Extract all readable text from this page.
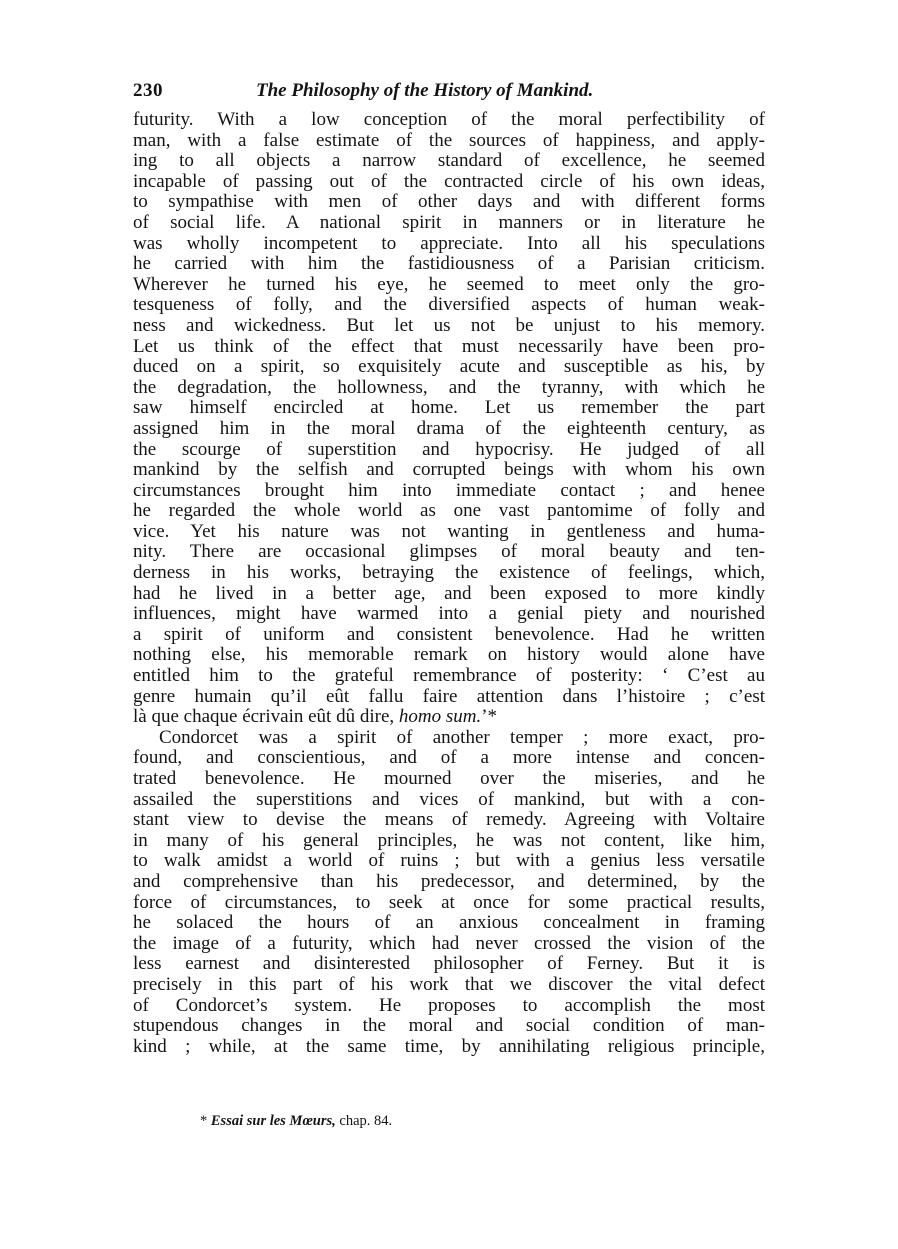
230	The Philosophy of the History of Mankind.
futurity. With a low conception of the moral perfectibility of
man, with a false estimate of the sources of happiness, and apply-
ing to all objects a narrow standard of excellence, he seemed
incapable of passing out of the contracted circle of his own ideas,
to sympathise with men of other days and with different forms
of social life. A national spirit in manners or in literature he
was wholly incompetent to appreciate. Into all his speculations
he carried with him the fastidiousness of a Parisian criticism.
Wherever he turned his eye, he seemed to meet only the gro-
tesqueness of folly, and the diversified aspects of human weak-
ness and wickedness. But let us not be unjust to his memory.
Let us think of the effect that must necessarily have been pro-
duced on a spirit, so exquisitely acute and susceptible as his, by
the degradation, the hollowness, and the tyranny, with which he
saw himself encircled at home. Let us remember the part
assigned him in the moral drama of the eighteenth century, as
the scourge of superstition and hypocrisy. He judged of all
mankind by the selfish and corrupted beings with whom his own
circumstances brought him into immediate contact ; and henee
he regarded the whole world as one vast pantomime of folly and
vice. Yet his nature was not wanting in gentleness and huma-
nity. There are occasional glimpses of moral beauty and ten-
derness in his works, betraying the existence of feelings, which,
had he lived in a better age, and been exposed to more kindly
influences, might have warmed into a genial piety and nourished
a spirit of uniform and consistent benevolence. Had he written
nothing else, his memorable remark on history would alone have
entitled him to the grateful remembrance of posterity: ‘ C’est au
genre humain qu’il eût fallu faire attention dans l’histoire ; c’est
là que chaque écrivain eût dû dire, homo sum.’*
Condorcet was a spirit of another temper ; more exact, pro-
found, and conscientious, and of a more intense and concen-
trated benevolence. He mourned over the miseries, and he
assailed the superstitions and vices of mankind, but with a con-
stant view to devise the means of remedy. Agreeing with Voltaire
in many of his general principles, he was not content, like him,
to walk amidst a world of ruins ; but with a genius less versatile
and comprehensive than his predecessor, and determined, by the
force of circumstances, to seek at once for some practical results,
he solaced the hours of an anxious concealment in framing
the image of a futurity, which had never crossed the vision of the
less earnest and disinterested philosopher of Ferney. But it is
precisely in this part of his work that we discover the vital defect
of Condorcet’s system. He proposes to accomplish the most
stupendous changes in the moral and social condition of man-
kind ; while, at the same time, by annihilating religious principle,
* Essai sur les Mœurs, chap. 84.
